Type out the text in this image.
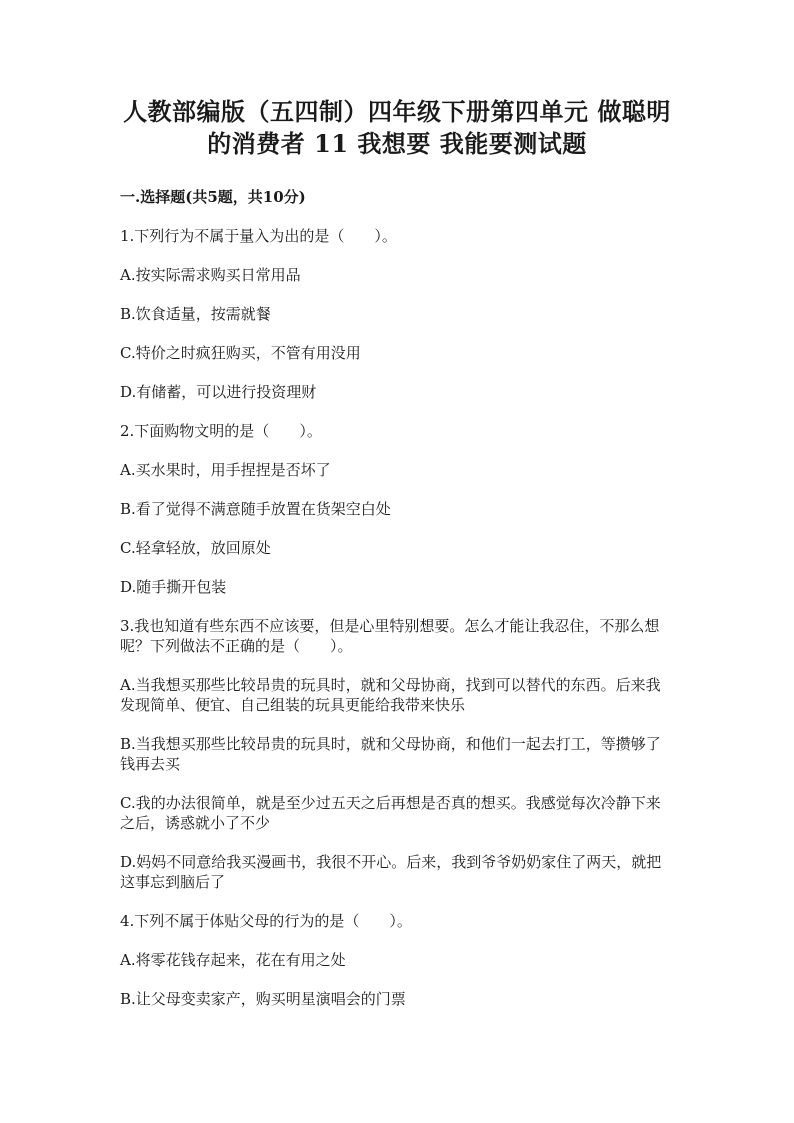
人教部编版（五四制）四年级下册第四单元 做聪明
的消费者 11 我想要 我能要测试题
一.选择题(共5题，共10分)

1.下列行为不属于量入为出的是（　　）。

A.按实际需求购买日常用品

B.饮食适量，按需就餐

C.特价之时疯狂购买，不管有用没用

D.有储蓄，可以进行投资理财

2.下面购物文明的是（　　）。

A.买水果时，用手捏捏是否坏了

B.看了觉得不满意随手放置在货架空白处

C.轻拿轻放，放回原处

D.随手撕开包装

3.我也知道有些东西不应该要，但是心里特别想要。怎么才能让我忍住，不那么想呢？下列做法不正确的是（　　）。

A.当我想买那些比较昂贵的玩具时，就和父母协商，找到可以替代的东西。后来我发现简单、便宜、自己组装的玩具更能给我带来快乐

B.当我想买那些比较昂贵的玩具时，就和父母协商，和他们一起去打工，等攒够了钱再去买

C.我的办法很简单，就是至少过五天之后再想是否真的想买。我感觉每次冷静下来之后，诱惑就小了不少

D.妈妈不同意给我买漫画书，我很不开心。后来，我到爷爷奶奶家住了两天，就把这事忘到脑后了

4.下列不属于体贴父母的行为的是（　　）。

A.将零花钱存起来，花在有用之处

B.让父母变卖家产，购买明星演唱会的门票
